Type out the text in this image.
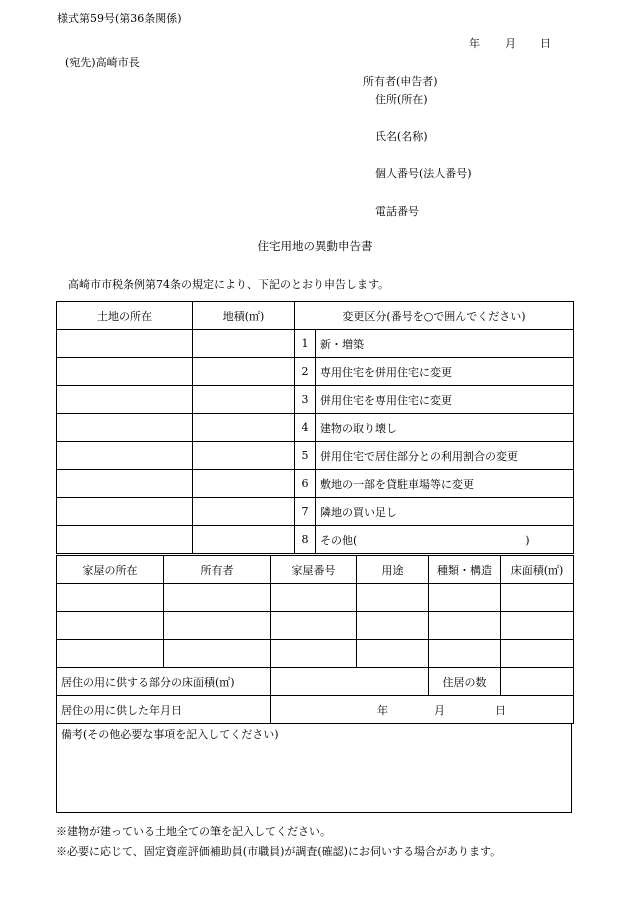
様式第59号(第36条関係)
年 月 日
(宛先)高崎市長
所有者(申告者)
住所(所在)
氏名(名称)
個人番号(法人番号)
電話番号
住宅用地の異動申告書
高崎市市税条例第74条の規定により、下記のとおり申告します。
土地の所在	地積(㎡)	変更区分(番号を○で囲んでください)	
		1	新・増築
		2	専用住宅を併用住宅に変更
		3	併用住宅を専用住宅に変更
		4	建物の取り壊し
		5	併用住宅で居住部分との利用割合の変更
		6	敷地の一部を貸駐車場等に変更
		7	隣地の買い足し
		8	その他( )
家屋の所在	所有者	家屋番号	用途	種類・構造	床面積(㎡)

居住の用に供する部分の床面積(㎡)				住居の数	
居住の用に供した年月日		年 月 日			
備考(その他必要な事項を記入してください)
※建物が建っている土地全ての筆を記入してください。
※必要に応じて、固定資産評価補助員(市職員)が調査(確認)にお伺いする場合があります。
